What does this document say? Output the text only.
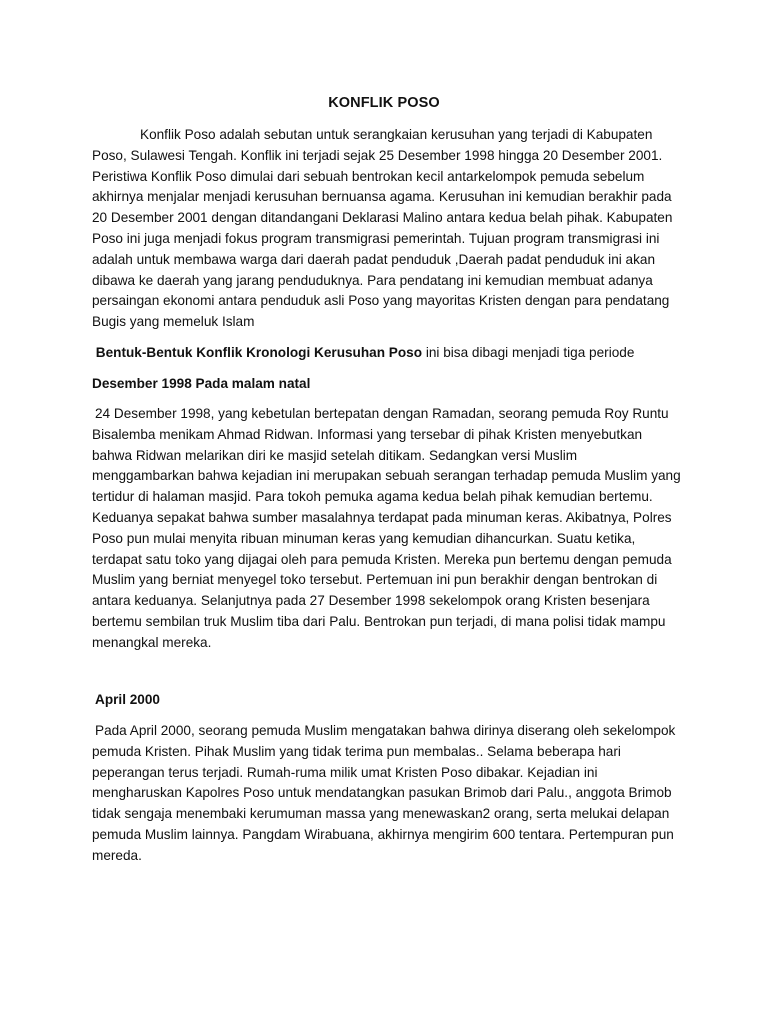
KONFLIK POSO

Konflik Poso adalah sebutan untuk serangkaian kerusuhan yang terjadi di Kabupaten Poso, Sulawesi Tengah. Konflik ini terjadi sejak 25 Desember 1998 hingga 20 Desember 2001. Peristiwa Konflik Poso dimulai dari sebuah bentrokan kecil antarkelompok pemuda sebelum akhirnya menjalar menjadi kerusuhan bernuansa agama. Kerusuhan ini kemudian berakhir pada 20 Desember 2001 dengan ditandangani Deklarasi Malino antara kedua belah pihak. Kabupaten Poso ini juga menjadi fokus program transmigrasi pemerintah. Tujuan program transmigrasi ini adalah untuk membawa warga dari daerah padat penduduk ,Daerah padat penduduk ini akan dibawa ke daerah yang jarang penduduknya. Para pendatang ini kemudian membuat adanya persaingan ekonomi antara penduduk asli Poso yang mayoritas Kristen dengan para pendatang Bugis yang memeluk Islam

Bentuk-Bentuk Konflik Kronologi Kerusuhan Poso ini bisa dibagi menjadi tiga periode

Desember 1998 Pada malam natal

24 Desember 1998, yang kebetulan bertepatan dengan Ramadan, seorang pemuda Roy Runtu Bisalemba menikam Ahmad Ridwan. Informasi yang tersebar di pihak Kristen menyebutkan bahwa Ridwan melarikan diri ke masjid setelah ditikam. Sedangkan versi Muslim menggambarkan bahwa kejadian ini merupakan sebuah serangan terhadap pemuda Muslim yang tertidur di halaman masjid. Para tokoh pemuka agama kedua belah pihak kemudian bertemu. Keduanya sepakat bahwa sumber masalahnya terdapat pada minuman keras. Akibatnya, Polres Poso pun mulai menyita ribuan minuman keras yang kemudian dihancurkan. Suatu ketika, terdapat satu toko yang dijagai oleh para pemuda Kristen. Mereka pun bertemu dengan pemuda Muslim yang berniat menyegel toko tersebut. Pertemuan ini pun berakhir dengan bentrokan di antara keduanya. Selanjutnya pada 27 Desember 1998 sekelompok orang Kristen besenjara bertemu sembilan truk Muslim tiba dari Palu. Bentrokan pun terjadi, di mana polisi tidak mampu menangkal mereka.

April 2000

Pada April 2000, seorang pemuda Muslim mengatakan bahwa dirinya diserang oleh sekelompok pemuda Kristen. Pihak Muslim yang tidak terima pun membalas.. Selama beberapa hari peperangan terus terjadi. Rumah-ruma milik umat Kristen Poso dibakar. Kejadian ini mengharuskan Kapolres Poso untuk mendatangkan pasukan Brimob dari Palu., anggota Brimob tidak sengaja menembaki kerumuman massa yang menewaskan2 orang, serta melukai delapan pemuda Muslim lainnya. Pangdam Wirabuana, akhirnya mengirim 600 tentara. Pertempuran pun mereda.
